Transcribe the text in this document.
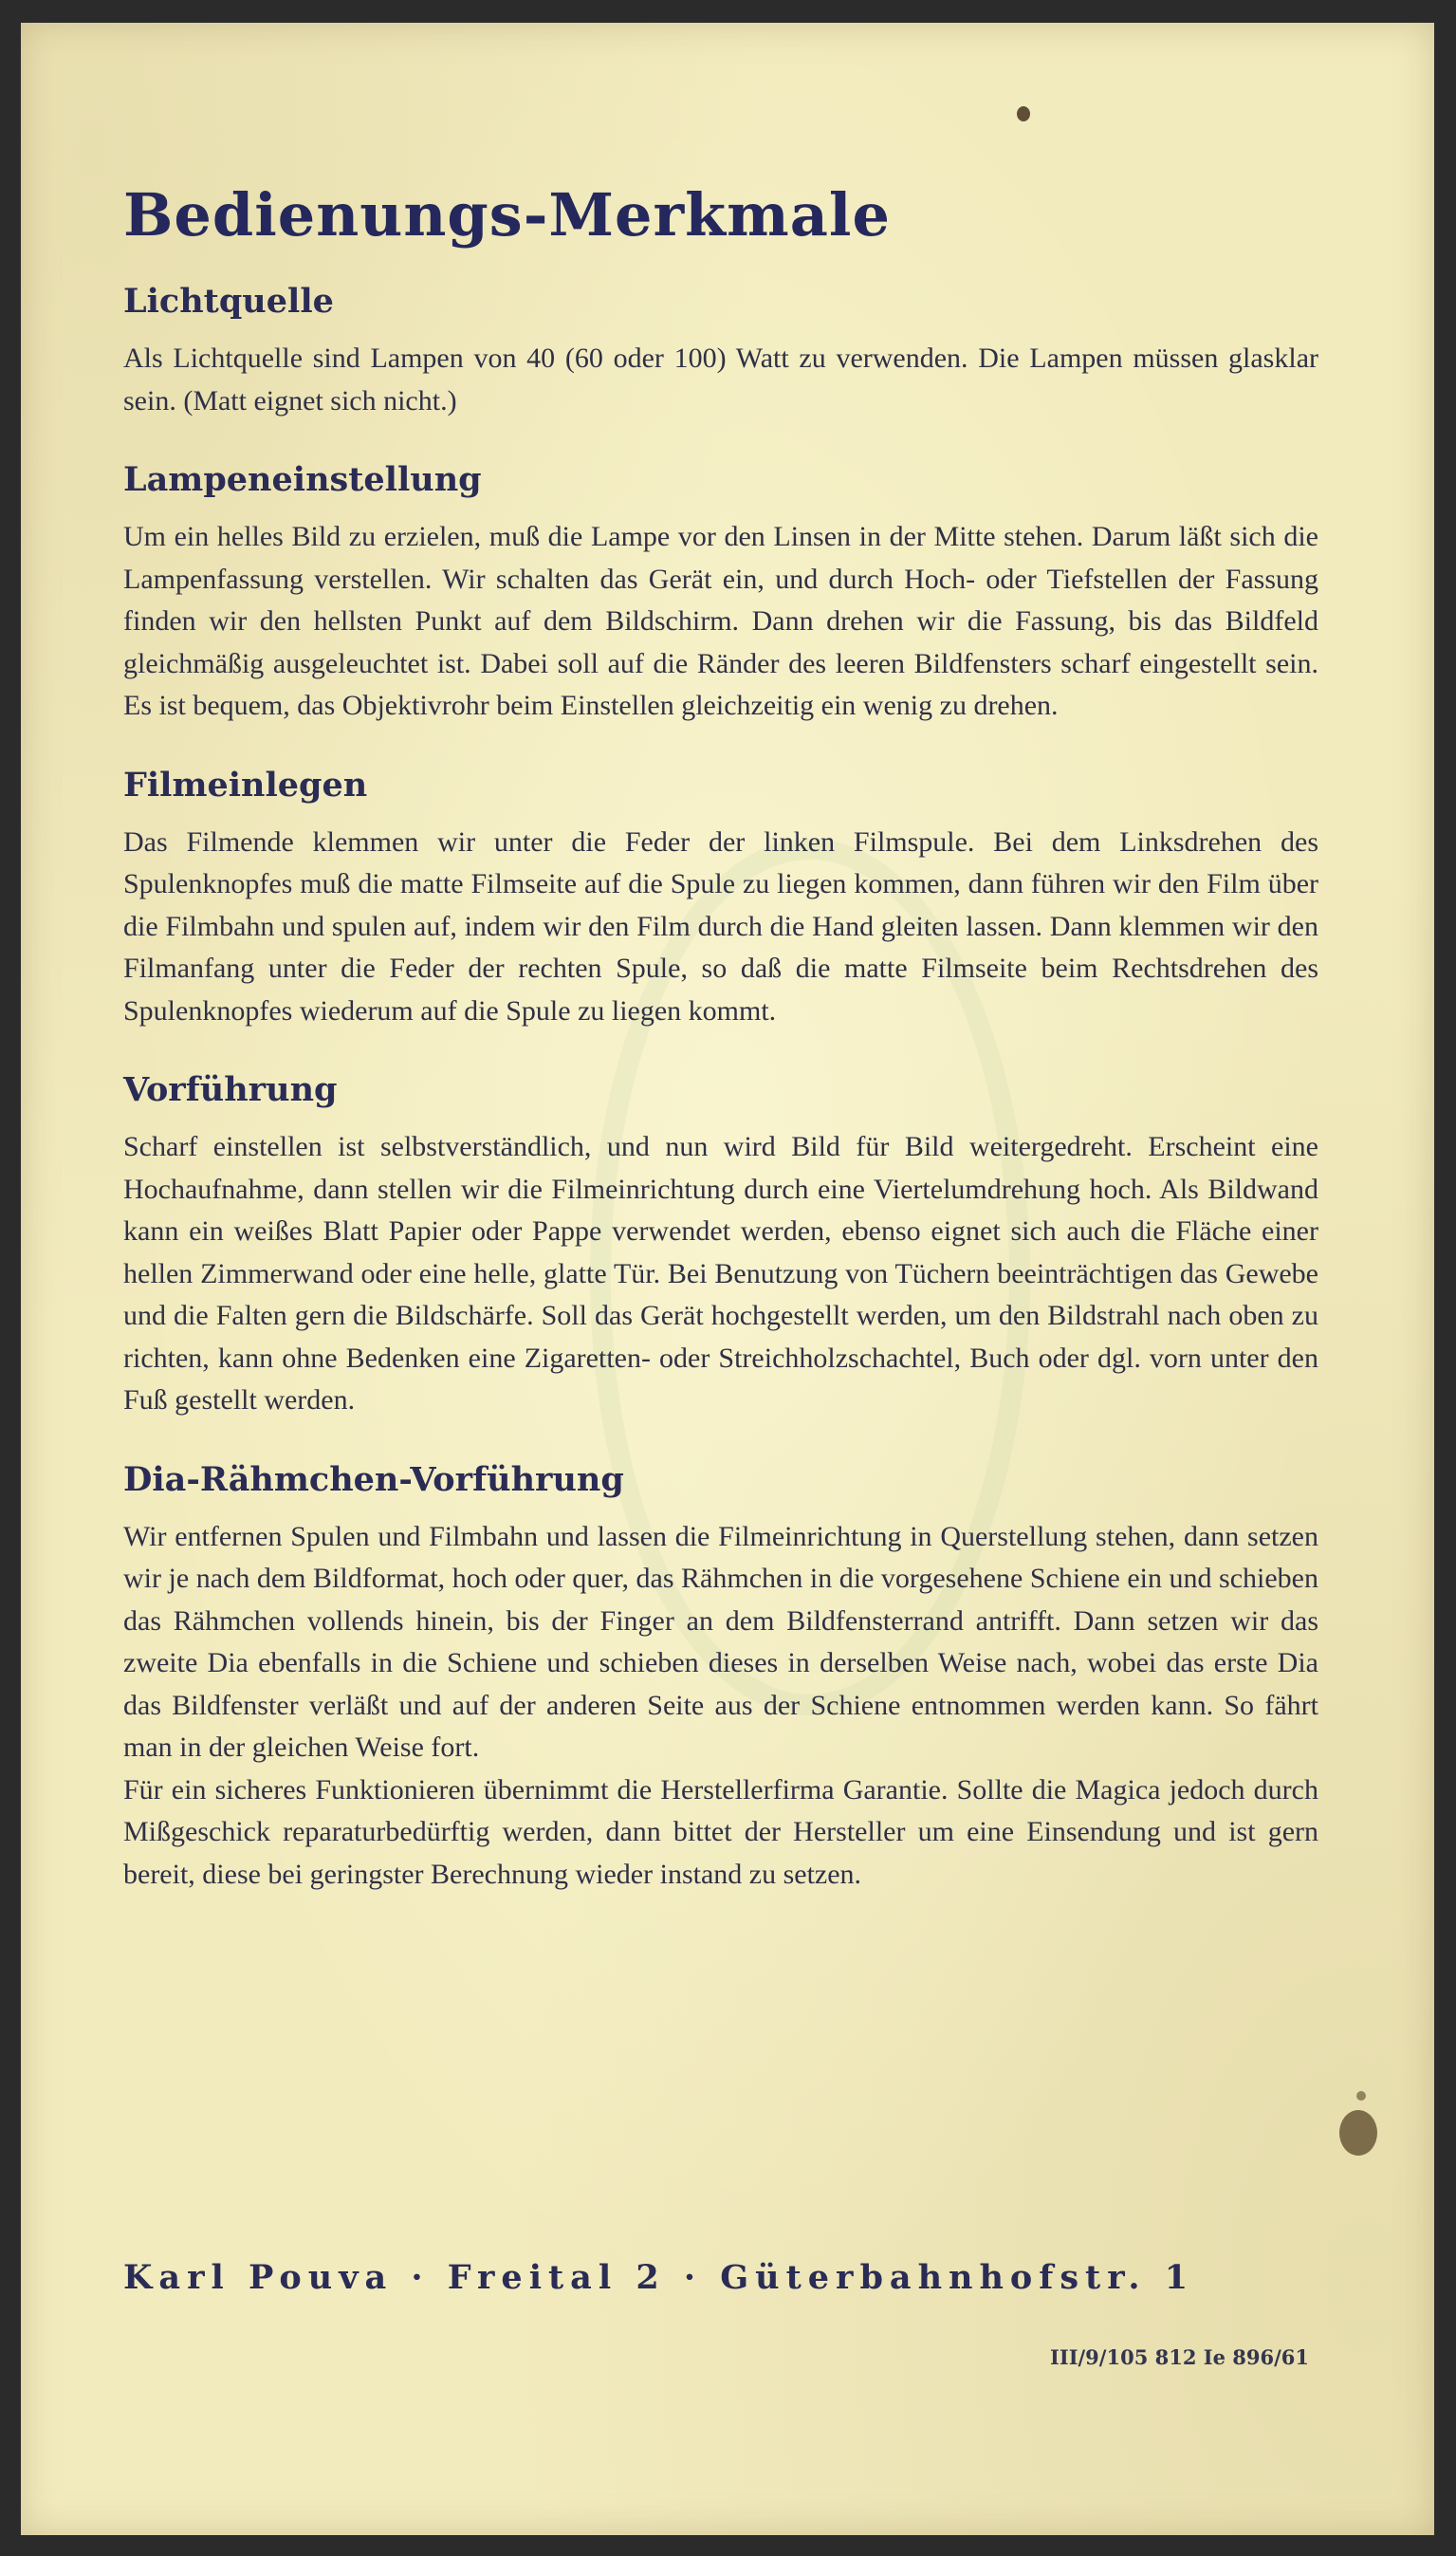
Bedienungs-Merkmale
Lichtquelle

Als Lichtquelle sind Lampen von 40 (60 oder 100) Watt zu verwenden. Die Lampen müssen glasklar sein. (Matt eignet sich nicht.)

Lampeneinstellung

Um ein helles Bild zu erzielen, muß die Lampe vor den Linsen in der Mitte stehen. Darum läßt sich die Lampenfassung verstellen. Wir schalten das Gerät ein, und durch Hoch- oder Tiefstellen der Fassung finden wir den hellsten Punkt auf dem Bildschirm. Dann drehen wir die Fassung, bis das Bildfeld gleichmäßig ausgeleuchtet ist. Dabei soll auf die Ränder des leeren Bildfensters scharf eingestellt sein. Es ist bequem, das Objektivrohr beim Einstellen gleichzeitig ein wenig zu drehen.

Filmeinlegen

Das Filmende klemmen wir unter die Feder der linken Filmspule. Bei dem Linksdrehen des Spulenknopfes muß die matte Filmseite auf die Spule zu liegen kommen, dann führen wir den Film über die Filmbahn und spulen auf, indem wir den Film durch die Hand gleiten lassen. Dann klemmen wir den Filmanfang unter die Feder der rechten Spule, so daß die matte Filmseite beim Rechtsdrehen des Spulenknopfes wiederum auf die Spule zu liegen kommt.

Vorführung

Scharf einstellen ist selbstverständlich, und nun wird Bild für Bild weitergedreht. Erscheint eine Hochaufnahme, dann stellen wir die Filmeinrichtung durch eine Viertelumdrehung hoch. Als Bildwand kann ein weißes Blatt Papier oder Pappe verwendet werden, ebenso eignet sich auch die Fläche einer hellen Zimmerwand oder eine helle, glatte Tür. Bei Benutzung von Tüchern beeinträchtigen das Gewebe und die Falten gern die Bildschärfe. Soll das Gerät hochgestellt werden, um den Bildstrahl nach oben zu richten, kann ohne Bedenken eine Zigaretten- oder Streichholzschachtel, Buch oder dgl. vorn unter den Fuß gestellt werden.

Dia-Rähmchen-Vorführung

Wir entfernen Spulen und Filmbahn und lassen die Filmeinrichtung in Querstellung stehen, dann setzen wir je nach dem Bildformat, hoch oder quer, das Rähmchen in die vorgesehene Schiene ein und schieben das Rähmchen vollends hinein, bis der Finger an dem Bildfensterrand antrifft. Dann setzen wir das zweite Dia ebenfalls in die Schiene und schieben dieses in derselben Weise nach, wobei das erste Dia das Bildfenster verläßt und auf der anderen Seite aus der Schiene entnommen werden kann. So fährt man in der gleichen Weise fort.

Für ein sicheres Funktionieren übernimmt die Herstellerfirma Garantie. Sollte die Magica jedoch durch Mißgeschick reparaturbedürftig werden, dann bittet der Hersteller um eine Einsendung und ist gern bereit, diese bei geringster Berechnung wieder instand zu setzen.

Karl Pouva · Freital 2 · Güterbahnhofstr. 1
III/9/105 812 Ie 896/61
